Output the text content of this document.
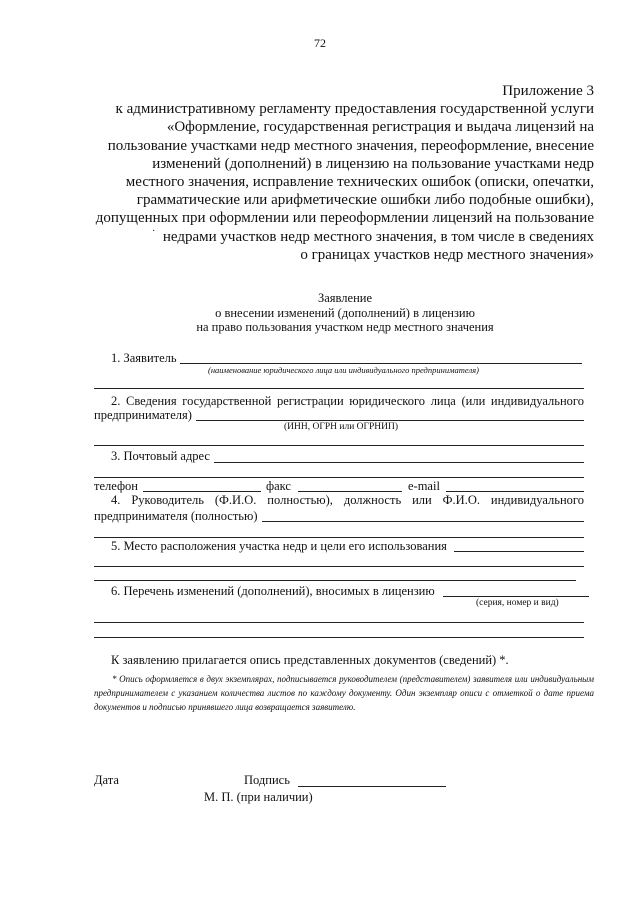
72
Приложение 3
к административному регламенту предоставления государственной услуги
«Оформление, государственная регистрация и выдача лицензий на
пользование участками недр местного значения, переоформление, внесение
изменений (дополнений) в лицензию на пользование участками недр
местного значения, исправление технических ошибок (описки, опечатки,
грамматические или арифметические ошибки либо подобные ошибки),
допущенных при оформлении или переоформлении лицензий на пользование
недрами участков недр местного значения, в том числе в сведениях
о границах участков недр местного значения»
·
Заявление
о внесении изменений (дополнений) в лицензию
на право пользования участком недр местного значения
1. Заявитель
(наименование юридического лица или индивидуального предпринимателя)
2. Сведения государственной регистрации юридического лица (или индивидуального
предпринимателя)
(ИНН, ОГРН или ОГРНИП)
3. Почтовый адрес
телефон	факс	e-mail
4. Руководитель (Ф.И.О. полностью), должность или Ф.И.О. индивидуального
предпринимателя (полностью)
5. Место расположения участка недр и цели его использования
6. Перечень изменений (дополнений), вносимых в лицензию
(серия, номер и вид)
К заявлению прилагается опись представленных документов (сведений) *.
* Опись оформляется в двух экземплярах, подписывается руководителем (представителем) заявителя или индивидуальным предпринимателем с указанием количества листов по каждому документу. Один экземпляр описи с отметкой о дате приема документов и подписью принявшего лица возвращается заявителю.
Дата	Подпись
М. П. (при наличии)
